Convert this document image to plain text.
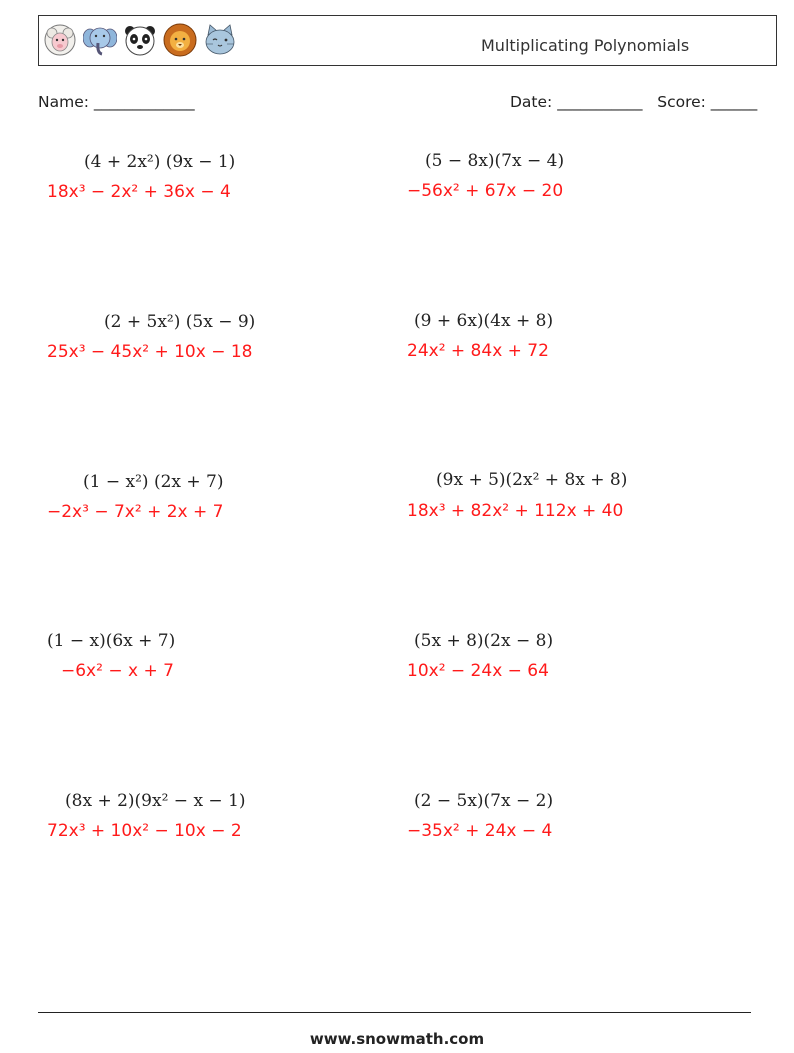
Multiplicating Polynomials
Name: _____________	Date: ___________ Score: ______
(4 + 2x²) (9x − 1)
18x³ − 2x² + 36x − 4
(5 − 8x)(7x − 4)
−56x² + 67x − 20
(2 + 5x²) (5x − 9)
25x³ − 45x² + 10x − 18
(9 + 6x)(4x + 8)
24x² + 84x + 72
(1 − x²) (2x + 7)
−2x³ − 7x² + 2x + 7
(9x + 5)(2x² + 8x + 8)
18x³ + 82x² + 112x + 40
(1 − x)(6x + 7)
−6x² − x + 7
(5x + 8)(2x − 8)
10x² − 24x − 64
(8x + 2)(9x² − x − 1)
72x³ + 10x² − 10x − 2
(2 − 5x)(7x − 2)
−35x² + 24x − 4
www.snowmath.com
